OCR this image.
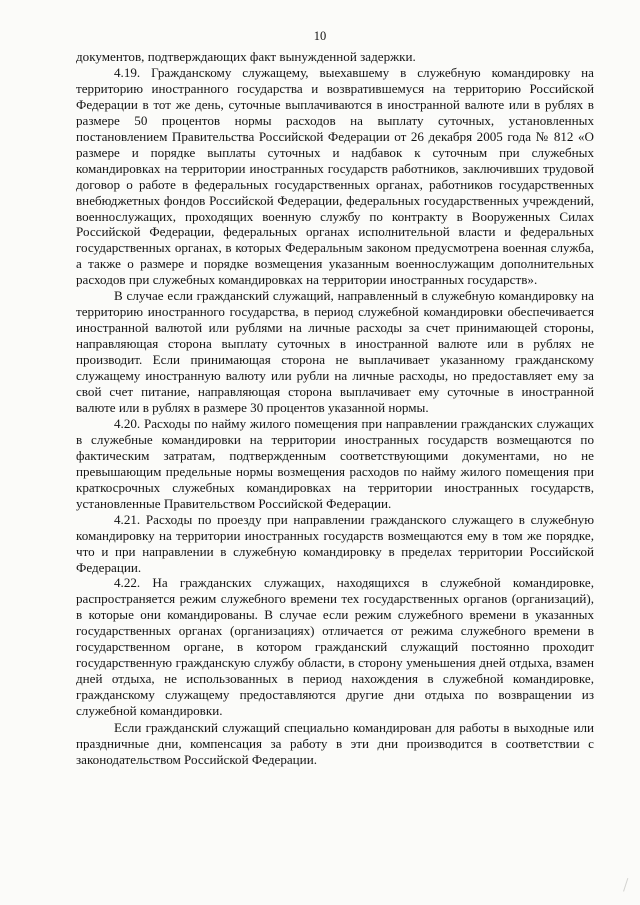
10

документов, подтверждающих факт вынужденной задержки.

4.19. Гражданскому служащему, выехавшему в служебную командировку на территорию иностранного государства и возвратившемуся на территорию Российской Федерации в тот же день, суточные выплачиваются в иностранной валюте или в рублях в размере 50 процентов нормы расходов на выплату суточных, установленных постановлением Правительства Российской Федерации от 26 декабря 2005 года № 812 «О размере и порядке выплаты суточных и надбавок к суточным при служебных командировках на территории иностранных государств работников, заключивших трудовой договор о работе в федеральных государственных органах, работников государственных внебюджетных фондов Российской Федерации, федеральных государственных учреждений, военнослужащих, проходящих военную службу по контракту в Вооруженных Силах Российской Федерации, федеральных органах исполнительной власти и федеральных государственных органах, в которых Федеральным законом предусмотрена военная служба, а также о размере и порядке возмещения указанным военнослужащим дополнительных расходов при служебных командировках на территории иностранных государств».

В случае если гражданский служащий, направленный в служебную командировку на территорию иностранного государства, в период служебной командировки обеспечивается иностранной валютой или рублями на личные расходы за счет принимающей стороны, направляющая сторона выплату суточных в иностранной валюте или в рублях не производит. Если принимающая сторона не выплачивает указанному гражданскому служащему иностранную валюту или рубли на личные расходы, но предоставляет ему за свой счет питание, направляющая сторона выплачивает ему суточные в иностранной валюте или в рублях в размере 30 процентов указанной нормы.

4.20. Расходы по найму жилого помещения при направлении гражданских служащих в служебные командировки на территории иностранных государств возмещаются по фактическим затратам, подтвержденным соответствующими документами, но не превышающим предельные нормы возмещения расходов по найму жилого помещения при краткосрочных служебных командировках на территории иностранных государств, установленные Правительством Российской Федерации.

4.21. Расходы по проезду при направлении гражданского служащего в служебную командировку на территории иностранных государств возмещаются ему в том же порядке, что и при направлении в служебную командировку в пределах территории Российской Федерации.

4.22. На гражданских служащих, находящихся в служебной командировке, распространяется режим служебного времени тех государственных органов (организаций), в которые они командированы. В случае если режим служебного времени в указанных государственных органах (организациях) отличается от режима служебного времени в государственном органе, в котором гражданский служащий постоянно проходит государственную гражданскую службу области, в сторону уменьшения дней отдыха, взамен дней отдыха, не использованных в период нахождения в служебной командировке, гражданскому служащему предоставляются другие дни отдыха по возвращении из служебной командировки.

Если гражданский служащий специально командирован для работы в выходные или праздничные дни, компенсация за работу в эти дни производится в соответствии с законодательством Российской Федерации.
